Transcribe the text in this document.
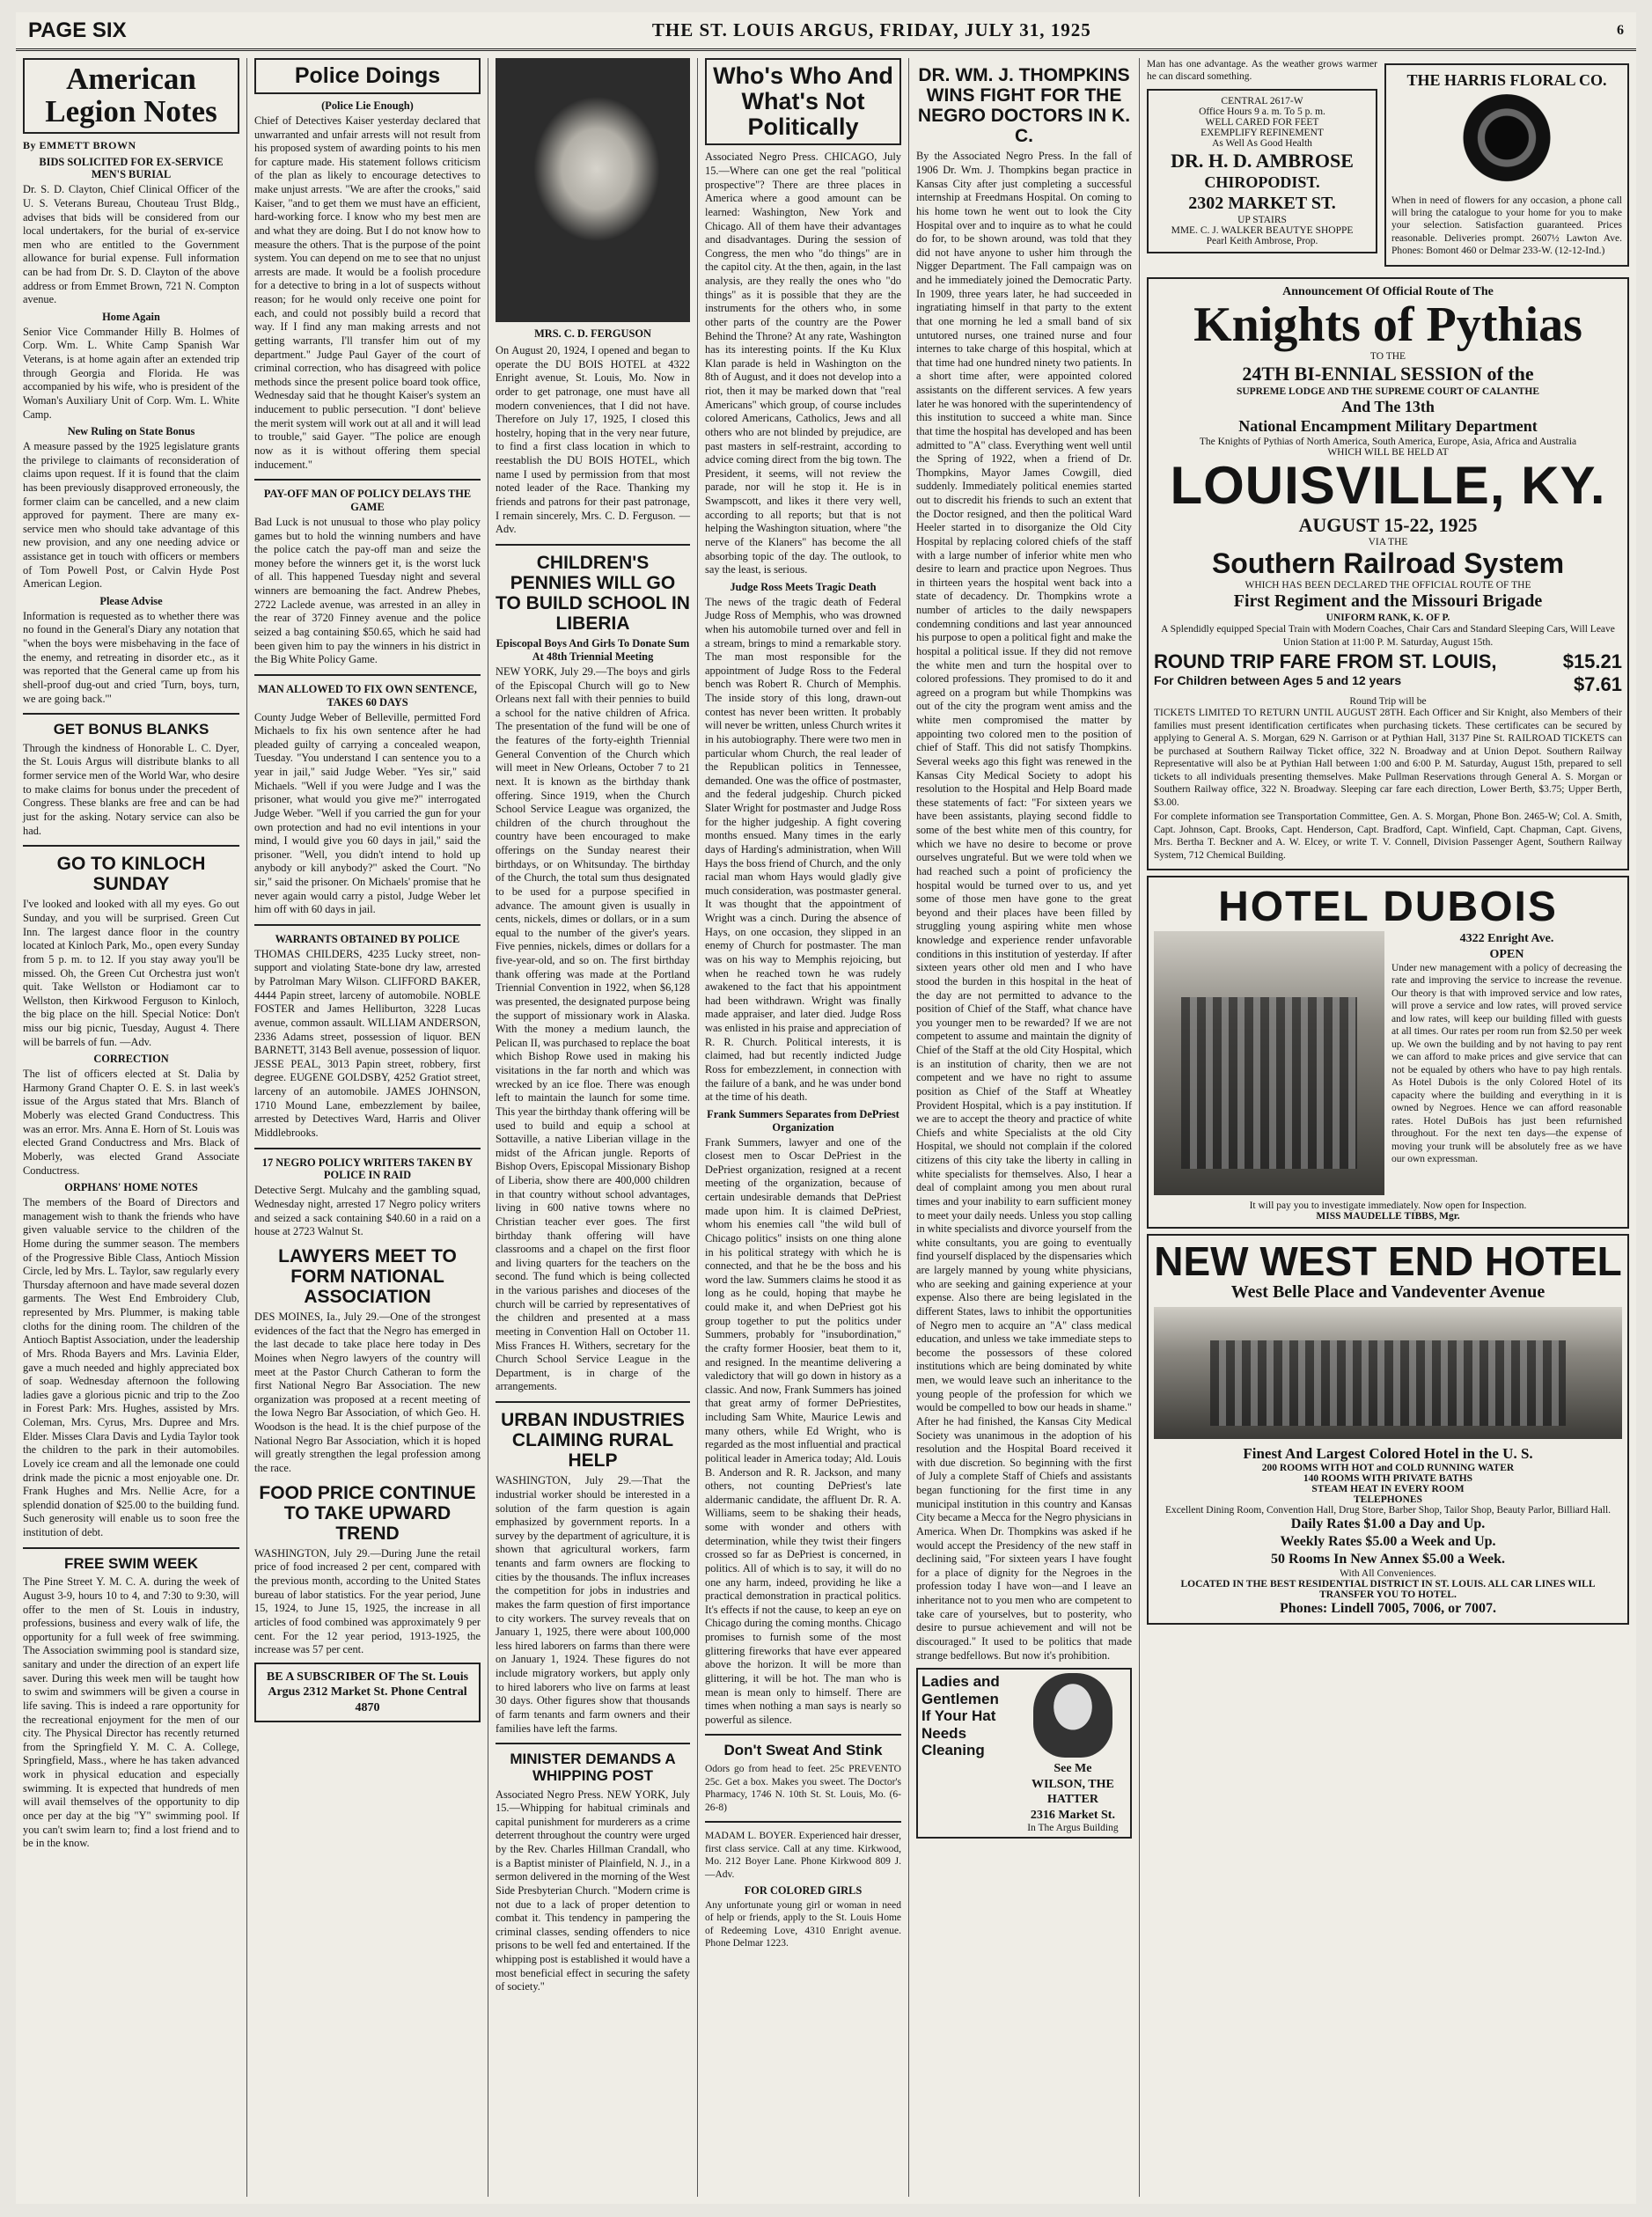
PAGE SIX	THE ST. LOUIS ARGUS, FRIDAY, JULY 31, 1925	6
American Legion Notes
By EMMETT BROWN
BIDS SOLICITED FOR EX-SERVICE MEN'S BURIAL

Dr. S. D. Clayton, Chief Clinical Officer of the U. S. Veterans Bureau, Chouteau Trust Bldg., advises that bids will be considered from our local undertakers, for the burial of ex-service men who are entitled to the Government allowance for burial expense. Full information can be had from Dr. S. D. Clayton of the above address or from Emmet Brown, 721 N. Compton avenue.

Home Again

Senior Vice Commander Hilly B. Holmes of Corp. Wm. L. White Camp Spanish War Veterans, is at home again after an extended trip through Georgia and Florida. He was accompanied by his wife, who is president of the Woman's Auxiliary Unit of Corp. Wm. L. White Camp.

New Ruling on State Bonus

A measure passed by the 1925 legislature grants the privilege to claimants of reconsideration of claims upon request. If it is found that the claim has been previously disapproved erroneously, the former claim can be cancelled, and a new claim approved for payment. There are many ex-service men who should take advantage of this new provision, and any one needing advice or assistance get in touch with officers or members of Tom Powell Post, or Calvin Hyde Post American Legion.

Please Advise

Information is requested as to whether there was no found in the General's Diary any notation that "when the boys were misbehaving in the face of the enemy, and retreating in disorder etc., as it was reported that the General came up from his shell-proof dug-out and cried 'Turn, boys, turn, we are going back.'"

GET BONUS BLANKS

Through the kindness of Honorable L. C. Dyer, the St. Louis Argus will distribute blanks to all former service men of the World War, who desire to make claims for bonus under the precedent of Congress. These blanks are free and can be had just for the asking. Notary service can also be had.

GO TO KINLOCH SUNDAY

I've looked and looked with all my eyes. Go out Sunday, and you will be surprised. Green Cut Inn. The largest dance floor in the country located at Kinloch Park, Mo., open every Sunday from 5 p. m. to 12. If you stay away you'll be missed. Oh, the Green Cut Orchestra just won't quit. Take Wellston or Hodiamont car to Wellston, then Kirkwood Ferguson to Kinloch, the big place on the hill. Special Notice: Don't miss our big picnic, Tuesday, August 4. There will be barrels of fun. —Adv.

CORRECTION

The list of officers elected at St. Dalia by Harmony Grand Chapter O. E. S. in last week's issue of the Argus stated that Mrs. Blanch of Moberly was elected Grand Conductress. This was an error. Mrs. Anna E. Horn of St. Louis was elected Grand Conductress and Mrs. Black of Moberly, was elected Grand Associate Conductress.

ORPHANS' HOME NOTES

The members of the Board of Directors and management wish to thank the friends who have given valuable service to the children of the Home during the summer season. The members of the Progressive Bible Class, Antioch Mission Circle, led by Mrs. L. Taylor, saw regularly every Thursday afternoon and have made several dozen garments. The West End Embroidery Club, represented by Mrs. Plummer, is making table cloths for the dining room. The children of the Antioch Baptist Association, under the leadership of Mrs. Rhoda Bayers and Mrs. Lavinia Elder, gave a much needed and highly appreciated box of soap. Wednesday afternoon the following ladies gave a glorious picnic and trip to the Zoo in Forest Park: Mrs. Hughes, assisted by Mrs. Coleman, Mrs. Cyrus, Mrs. Dupree and Mrs. Elder. Misses Clara Davis and Lydia Taylor took the children to the park in their automobiles. Lovely ice cream and all the lemonade one could drink made the picnic a most enjoyable one. Dr. Frank Hughes and Mrs. Nellie Acre, for a splendid donation of $25.00 to the building fund. Such generosity will enable us to soon free the institution of debt.

FREE SWIM WEEK

The Pine Street Y. M. C. A. during the week of August 3-9, hours 10 to 4, and 7:30 to 9:30, will offer to the men of St. Louis in industry, professions, business and every walk of life, the opportunity for a full week of free swimming. The Association swimming pool is standard size, sanitary and under the direction of an expert life saver. During this week men will be taught how to swim and swimmers will be given a course in life saving. This is indeed a rare opportunity for the recreational enjoyment for the men of our city. The Physical Director has recently returned from the Springfield Y. M. C. A. College, Springfield, Mass., where he has taken advanced work in physical education and especially swimming. It is expected that hundreds of men will avail themselves of the opportunity to dip once per day at the big "Y" swimming pool. If you can't swim learn to; find a lost friend and to be in the know.

Police Doings
(Police Lie Enough)

Chief of Detectives Kaiser yesterday declared that unwarranted and unfair arrests will not result from his proposed system of awarding points to his men for capture made. His statement follows criticism of the plan as likely to encourage detectives to make unjust arrests. "We are after the crooks," said Kaiser, "and to get them we must have an efficient, hard-working force. I know who my best men are and what they are doing. But I do not know how to measure the others. That is the purpose of the point system. You can depend on me to see that no unjust arrests are made. It would be a foolish procedure for a detective to bring in a lot of suspects without reason; for he would only receive one point for each, and could not possibly build a record that way. If I find any man making arrests and not getting warrants, I'll transfer him out of my department." Judge Paul Gayer of the court of criminal correction, who has disagreed with police methods since the present police board took office, Wednesday said that he thought Kaiser's system an inducement to public persecution. "I dont' believe the merit system will work out at all and it will lead to trouble," said Gayer. "The police are enough now as it is without offering them special inducement."

PAY-OFF MAN OF POLICY DELAYS THE GAME

Bad Luck is not unusual to those who play policy games but to hold the winning numbers and have the police catch the pay-off man and seize the money before the winners get it, is the worst luck of all. This happened Tuesday night and several winners are bemoaning the fact. Andrew Phebes, 2722 Laclede avenue, was arrested in an alley in the rear of 3720 Finney avenue and the police seized a bag containing $50.65, which he said had been given him to pay the winners in his district in the Big White Policy Game.

MAN ALLOWED TO FIX OWN SENTENCE, TAKES 60 DAYS

County Judge Weber of Belleville, permitted Ford Michaels to fix his own sentence after he had pleaded guilty of carrying a concealed weapon, Tuesday. "You understand I can sentence you to a year in jail," said Judge Weber. "Yes sir," said Michaels. "Well if you were Judge and I was the prisoner, what would you give me?" interrogated Judge Weber. "Well if you carried the gun for your own protection and had no evil intentions in your mind, I would give you 60 days in jail," said the prisoner. "Well, you didn't intend to hold up anybody or kill anybody?" asked the Court. "No sir," said the prisoner. On Michaels' promise that he never again would carry a pistol, Judge Weber let him off with 60 days in jail.

WARRANTS OBTAINED BY POLICE

THOMAS CHILDERS, 4235 Lucky street, non-support and violating State-bone dry law, arrested by Patrolman Mary Wilson. CLIFFORD BAKER, 4444 Papin street, larceny of automobile. NOBLE FOSTER and James Helliburton, 3228 Lucas avenue, common assault. WILLIAM ANDERSON, 2336 Adams street, possession of liquor. BEN BARNETT, 3143 Bell avenue, possession of liquor. JESSE PEAL, 3013 Papin street, robbery, first degree. EUGENE GOLDSBY, 4252 Gratiot street, larceny of an automobile. JAMES JOHNSON, 1710 Mound Lane, embezzlement by bailee, arrested by Detectives Ward, Harris and Oliver Middlebrooks.

17 NEGRO POLICY WRITERS TAKEN BY POLICE IN RAID

Detective Sergt. Mulcahy and the gambling squad, Wednesday night, arrested 17 Negro policy writers and seized a sack containing $40.60 in a raid on a house at 2723 Walnut St.

LAWYERS MEET TO FORM NATIONAL ASSOCIATION

DES MOINES, Ia., July 29.—One of the strongest evidences of the fact that the Negro has emerged in the last decade to take place here today in Des Moines when Negro lawyers of the country will meet at the Pastor Church Catheran to form the first National Negro Bar Association. The new organization was proposed at a recent meeting of the Iowa Negro Bar Association, of which Geo. H. Woodson is the head. It is the chief purpose of the National Negro Bar Association, which it is hoped will greatly strengthen the legal profession among the race.

FOOD PRICE CONTINUE TO TAKE UPWARD TREND

WASHINGTON, July 29.—During June the retail price of food increased 2 per cent, compared with the previous month, according to the United States bureau of labor statistics. For the year period, June 15, 1924, to June 15, 1925, the increase in all articles of food combined was approximately 9 per cent. For the 12 year period, 1913-1925, the increase was 57 per cent.

BE A SUBSCRIBER OF The St. Louis Argus 2312 Market St. Phone Central 4870
MRS. C. D. FERGUSON

On August 20, 1924, I opened and began to operate the DU BOIS HOTEL at 4322 Enright avenue, St. Louis, Mo. Now in order to get patronage, one must have all modern conveniences, that I did not have. Therefore on July 17, 1925, I closed this hostelry, hoping that in the very near future, to find a first class location in which to reestablish the DU BOIS HOTEL, which name I used by permission from that most noted leader of the Race. Thanking my friends and patrons for their past patronage, I remain sincerely, Mrs. C. D. Ferguson. —Adv.

CHILDREN'S PENNIES WILL GO TO BUILD SCHOOL IN LIBERIA
Episcopal Boys And Girls To Donate Sum At 48th Triennial Meeting

NEW YORK, July 29.—The boys and girls of the Episcopal Church will go to New Orleans next fall with their pennies to build a school for the native children of Africa. The presentation of the fund will be one of the features of the forty-eighth Triennial General Convention of the Church which will meet in New Orleans, October 7 to 21 next. It is known as the birthday thank offering. Since 1919, when the Church School Service League was organized, the children of the church throughout the country have been encouraged to make offerings on the Sunday nearest their birthdays, or on Whitsunday. The birthday of the Church, the total sum thus designated to be used for a purpose specified in advance. The amount given is usually in cents, nickels, dimes or dollars, or in a sum equal to the number of the giver's years. Five pennies, nickels, dimes or dollars for a five-year-old, and so on. The first birthday thank offering was made at the Portland Triennial Convention in 1922, when $6,128 was presented, the designated purpose being the support of missionary work in Alaska. With the money a medium launch, the Pelican II, was purchased to replace the boat which Bishop Rowe used in making his visitations in the far north and which was wrecked by an ice floe. There was enough left to maintain the launch for some time. This year the birthday thank offering will be used to build and equip a school at Sottaville, a native Liberian village in the midst of the African jungle. Reports of Bishop Overs, Episcopal Missionary Bishop of Liberia, show there are 400,000 children in that country without school advantages, living in 600 native towns where no Christian teacher ever goes. The first birthday thank offering will have classrooms and a chapel on the first floor and living quarters for the teachers on the second. The fund which is being collected in the various parishes and dioceses of the church will be carried by representatives of the children and presented at a mass meeting in Convention Hall on October 11. Miss Frances H. Withers, secretary for the Church School Service League in the Department, is in charge of the arrangements.

URBAN INDUSTRIES CLAIMING RURAL HELP

WASHINGTON, July 29.—That the industrial worker should be interested in a solution of the farm question is again emphasized by government reports. In a survey by the department of agriculture, it is shown that agricultural workers, farm tenants and farm owners are flocking to cities by the thousands. The influx increases the competition for jobs in industries and makes the farm question of first importance to city workers. The survey reveals that on January 1, 1925, there were about 100,000 less hired laborers on farms than there were on January 1, 1924. These figures do not include migratory workers, but apply only to hired laborers who live on farms at least 30 days. Other figures show that thousands of farm tenants and farm owners and their families have left the farms.

MINISTER DEMANDS A WHIPPING POST

Associated Negro Press. NEW YORK, July 15.—Whipping for habitual criminals and capital punishment for murderers as a crime deterrent throughout the country were urged by the Rev. Charles Hillman Crandall, who is a Baptist minister of Plainfield, N. J., in a sermon delivered in the morning of the West Side Presbyterian Church. "Modern crime is not due to a lack of proper detention to combat it. This tendency in pampering the criminal classes, sending offenders to nice prisons to be well fed and entertained. If the whipping post is established it would have a most beneficial effect in securing the safety of society."

Who's Who And What's Not Politically

Associated Negro Press. CHICAGO, July 15.—Where can one get the real "political prospective"? There are three places in America where a good amount can be learned: Washington, New York and Chicago. All of them have their advantages and disadvantages. During the session of Congress, the men who "do things" are in the capitol city. At the then, again, in the last analysis, are they really the ones who "do things" as it is possible that they are the instruments for the others who, in some other parts of the country are the Power Behind the Throne? At any rate, Washington has its interesting points. If the Ku Klux Klan parade is held in Washington on the 8th of August, and it does not develop into a riot, then it may be marked down that "real Americans" which group, of course includes colored Americans, Catholics, Jews and all others who are not blinded by prejudice, are past masters in self-restraint, according to advice coming direct from the big town. The President, it seems, will not review the parade, nor will he stop it. He is in Swampscott, and likes it there very well, according to all reports; but that is not helping the Washington situation, where "the nerve of the Klaners" has become the all absorbing topic of the day. The outlook, to say the least, is serious.

Judge Ross Meets Tragic Death

The news of the tragic death of Federal Judge Ross of Memphis, who was drowned when his automobile turned over and fell in a stream, brings to mind a remarkable story. The man most responsible for the appointment of Judge Ross to the Federal bench was Robert R. Church of Memphis. The inside story of this long, drawn-out contest has never been written. It probably will never be written, unless Church writes it in his autobiography. There were two men in particular whom Church, the real leader of the Republican politics in Tennessee, demanded. One was the office of postmaster, and the federal judgeship. Church picked Slater Wright for postmaster and Judge Ross for the higher judgeship. A fight covering months ensued. Many times in the early days of Harding's administration, when Will Hays the boss friend of Church, and the only racial man whom Hays would gladly give much consideration, was postmaster general. It was thought that the appointment of Wright was a cinch. During the absence of Hays, on one occasion, they slipped in an enemy of Church for postmaster. The man was on his way to Memphis rejoicing, but when he reached town he was rudely awakened to the fact that his appointment had been withdrawn. Wright was finally made appraiser, and later died. Judge Ross was enlisted in his praise and appreciation of R. R. Church. Political interests, it is claimed, had but recently indicted Judge Ross for embezzlement, in connection with the failure of a bank, and he was under bond at the time of his death.

Frank Summers Separates from DePriest Organization

Frank Summers, lawyer and one of the closest men to Oscar DePriest in the DePriest organization, resigned at a recent meeting of the organization, because of certain undesirable demands that DePriest made upon him. It is claimed DePriest, whom his enemies call "the wild bull of Chicago politics" insists on one thing alone in his political strategy with which he is connected, and that he be the boss and his word the law. Summers claims he stood it as long as he could, hoping that maybe he could make it, and when DePriest got his group together to put the politics under Summers, probably for "insubordination," the crafty former Hoosier, beat them to it, and resigned. In the meantime delivering a valedictory that will go down in history as a classic. And now, Frank Summers has joined that great army of former DePriestites, including Sam White, Maurice Lewis and many others, while Ed Wright, who is regarded as the most influential and practical political leader in America today; Ald. Louis B. Anderson and R. R. Jackson, and many others, not counting DePriest's late aldermanic candidate, the affluent Dr. R. A. Williams, seem to be shaking their heads, some with wonder and others with determination, while they twist their fingers crossed so far as DePriest is concerned, in politics. All of which is to say, it will do no one any harm, indeed, providing he like a practical demonstration in practical politics. It's effects if not the cause, to keep an eye on Chicago during the coming months. Chicago promises to furnish some of the most glittering fireworks that have ever appeared above the horizon. It will be more than glittering, it will be hot. The man who is mean is mean only to himself. There are times when nothing a man says is nearly so powerful as silence.

Don't Sweat And Stink

Odors go from head to feet. 25c PREVENTO 25c. Get a box. Makes you sweet. The Doctor's Pharmacy, 1746 N. 10th St. St. Louis, Mo. (6-26-8)

MADAM L. BOYER. Experienced hair dresser, first class service. Call at any time. Kirkwood, Mo. 212 Boyer Lane. Phone Kirkwood 809 J. —Adv.

FOR COLORED GIRLS

Any unfortunate young girl or woman in need of help or friends, apply to the St. Louis Home of Redeeming Love, 4310 Enright avenue. Phone Delmar 1223.

DR. WM. J. THOMPKINS WINS FIGHT FOR THE NEGRO DOCTORS IN K. C.

By the Associated Negro Press. In the fall of 1906 Dr. Wm. J. Thompkins began practice in Kansas City after just completing a successful internship at Freedmans Hospital. On coming to his home town he went out to look the City Hospital over and to inquire as to what he could do for, to be shown around, was told that they did not have anyone to usher him through the Nigger Department. The Fall campaign was on and he immediately joined the Democratic Party. In 1909, three years later, he had succeeded in ingratiating himself in that party to the extent that one morning he led a small band of six untutored nurses, one trained nurse and four internes to take charge of this hospital, which at that time had one hundred ninety two patients. In a short time after, were appointed colored assistants on the different services. A few years later he was honored with the superintendency of this institution to succeed a white man. Since that time the hospital has developed and has been admitted to "A" class. Everything went well until the Spring of 1922, when a friend of Dr. Thompkins, Mayor James Cowgill, died suddenly. Immediately political enemies started out to discredit his friends to such an extent that the Doctor resigned, and then the political Ward Heeler started in to disorganize the Old City Hospital by replacing colored chiefs of the staff with a large number of inferior white men who desire to learn and practice upon Negroes. Thus in thirteen years the hospital went back into a state of decadency. Dr. Thompkins wrote a number of articles to the daily newspapers condemning conditions and last year announced his purpose to open a political fight and make the hospital a political issue. If they did not remove the white men and turn the hospital over to colored professions. They promised to do it and agreed on a program but while Thompkins was out of the city the program went amiss and the white men compromised the matter by appointing two colored men to the position of chief of Staff. This did not satisfy Thompkins. Several weeks ago this fight was renewed in the Kansas City Medical Society to adopt his resolution to the Hospital and Help Board made these statements of fact: "For sixteen years we have been assistants, playing second fiddle to some of the best white men of this country, for which we have no desire to become or prove ourselves ungrateful. But we were told when we had reached such a point of proficiency the hospital would be turned over to us, and yet some of those men have gone to the great beyond and their places have been filled by struggling young aspiring white men whose knowledge and experience render unfavorable conditions in this institution of yesterday. If after sixteen years other old men and I who have stood the burden in this hospital in the heat of the day are not permitted to advance to the position of Chief of the Staff, what chance have you younger men to be rewarded? If we are not competent to assume and maintain the dignity of Chief of the Staff at the old City Hospital, which is an institution of charity, then we are not competent and we have no right to assume position as Chief of the Staff at Wheatley Provident Hospital, which is a pay institution. If we are to accept the theory and practice of white Chiefs and white Specialists at the old City Hospital, we should not complain if the colored citizens of this city take the liberty in calling in white specialists for themselves. Also, I hear a deal of complaint among you men about rural times and your inability to earn sufficient money to meet your daily needs. Unless you stop calling in white specialists and divorce yourself from the white consultants, you are going to eventually find yourself displaced by the dispensaries which are largely manned by young white physicians, who are seeking and gaining experience at your expense. Also there are being legislated in the different States, laws to inhibit the opportunities of Negro men to acquire an "A" class medical education, and unless we take immediate steps to become the possessors of these colored institutions which are being dominated by white men, we would leave such an inheritance to the young people of the profession for which we would be compelled to bow our heads in shame." After he had finished, the Kansas City Medical Society was unanimous in the adoption of his resolution and the Hospital Board received it with due discretion. So beginning with the first of July a complete Staff of Chiefs and assistants began functioning for the first time in any municipal institution in this country and Kansas City became a Mecca for the Negro physicians in America. When Dr. Thompkins was asked if he would accept the Presidency of the new staff in declining said, "For sixteen years I have fought for a place of dignity for the Negroes in the profession today I have won—and I leave an inheritance not to you men who are competent to take care of yourselves, but to posterity, who desire to pursue achievement and will not be discouraged." It used to be politics that made strange bedfellows. But now it's prohibition.

Ladies and Gentlemen If Your Hat Needs Cleaning
See Me
WILSON, THE HATTER
2316 Market St.
In The Argus Building

Man has one advantage. As the weather grows warmer he can discard something.

CENTRAL 2617-W
Office Hours 9 a. m. To 5 p. m.
WELL CARED FOR FEET
EXEMPLIFY REFINEMENT
As Well As Good Health
DR. H. D. AMBROSE
CHIROPODIST.
2302 MARKET ST.
UP STAIRS
MME. C. J. WALKER BEAUTYE SHOPPE
Pearl Keith Ambrose, Prop.
THE HARRIS FLORAL CO.

When in need of flowers for any occasion, a phone call will bring the catalogue to your home for you to make your selection. Satisfaction guaranteed. Prices reasonable. Deliveries prompt. 2607½ Lawton Ave. Phones: Bomont 460 or Delmar 233-W. (12-12-Ind.)

Announcement Of Official Route of The
Knights of Pythias
TO THE
24TH BI-ENNIAL SESSION of the
SUPREME LODGE AND THE SUPREME COURT OF CALANTHE
And The 13th
National Encampment Military Department
The Knights of Pythias of North America, South America, Europe, Asia, Africa and Australia
WHICH WILL BE HELD AT
LOUISVILLE, KY.
AUGUST 15-22, 1925
VIA THE
Southern Railroad System
WHICH HAS BEEN DECLARED THE OFFICIAL ROUTE OF THE
First Regiment and the Missouri Brigade
UNIFORM RANK, K. OF P.

A Splendidly equipped Special Train with Modern Coaches, Chair Cars and Standard Sleeping Cars, Will Leave Union Station at 11:00 P. M. Saturday, August 15th.

ROUND TRIP FARE FROM ST. LOUIS,	$15.21
For Children between Ages 5 and 12 years	$7.61
Round Trip will be

TICKETS LIMITED TO RETURN UNTIL AUGUST 28TH. Each Officer and Sir Knight, also Members of their families must present identification certificates when purchasing tickets. These certificates can be secured by applying to General A. S. Morgan, 629 N. Garrison or at Pythian Hall, 3137 Pine St. RAILROAD TICKETS can be purchased at Southern Railway Ticket office, 322 N. Broadway and at Union Depot. Southern Railway Representative will also be at Pythian Hall between 1:00 and 6:00 P. M. Saturday, August 15th, prepared to sell tickets to all individuals presenting themselves. Make Pullman Reservations through General A. S. Morgan or Southern Railway office, 322 N. Broadway. Sleeping car fare each direction, Lower Berth, $3.75; Upper Berth, $3.00.

For complete information see Transportation Committee, Gen. A. S. Morgan, Phone Bon. 2465-W; Col. A. Smith, Capt. Johnson, Capt. Brooks, Capt. Henderson, Capt. Bradford, Capt. Winfield, Capt. Chapman, Capt. Givens, Mrs. Bertha T. Beckner and A. W. Elcey, or write T. V. Connell, Division Passenger Agent, Southern Railway System, 712 Chemical Building.

HOTEL DUBOIS
4322 Enright Ave.
OPEN

Under new management with a policy of decreasing the rate and improving the service to increase the revenue. Our theory is that with improved service and low rates, will prove a service and low rates, will proved service and low rates, will keep our building filled with guests at all times. Our rates per room run from $2.50 per week up. We own the building and by not having to pay rent we can afford to make prices and give service that can not be equaled by others who have to pay high rentals. As Hotel Dubois is the only Colored Hotel of its capacity where the building and everything in it is owned by Negroes. Hence we can afford reasonable rates. Hotel DuBois has just been refurnished throughout. For the next ten days—the expense of moving your trunk will be absolutely free as we have our own expressman.

It will pay you to investigate immediately. Now open for Inspection.
MISS MAUDELLE TIBBS, Mgr.
NEW WEST END HOTEL
West Belle Place and Vandeventer Avenue
Finest And Largest Colored Hotel in the U. S.
200 ROOMS WITH HOT and COLD RUNNING WATER
140 ROOMS WITH PRIVATE BATHS
STEAM HEAT IN EVERY ROOM
TELEPHONES
Excellent Dining Room, Convention Hall, Drug Store, Barber Shop, Tailor Shop, Beauty Parlor, Billiard Hall.
Daily Rates $1.00 a Day and Up.
Weekly Rates $5.00 a Week and Up.
50 Rooms In New Annex $5.00 a Week.
With All Conveniences.
LOCATED IN THE BEST RESIDENTIAL DISTRICT IN ST. LOUIS. ALL CAR LINES WILL TRANSFER YOU TO HOTEL.
Phones: Lindell 7005, 7006, or 7007.
